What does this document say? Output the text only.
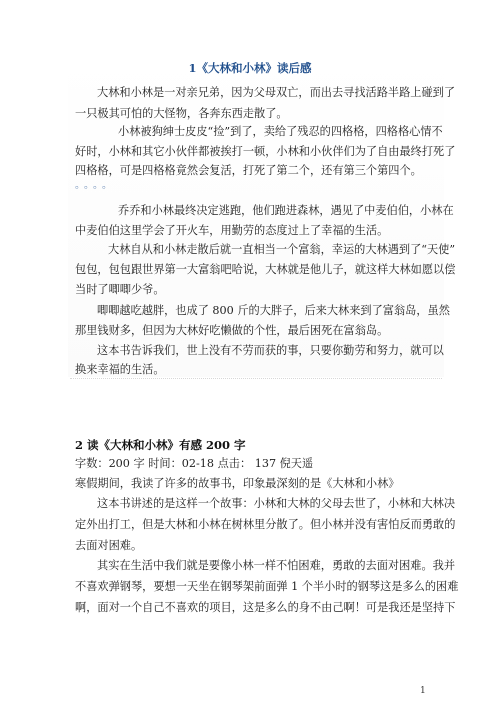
1《大林和小林》读后感
大林和小林是一对亲兄弟，因为父母双亡，而出去寻找活路半路上碰到了
一只极其可怕的大怪物，各奔东西走散了。
小林被狗绅士皮皮“捡”到了，卖给了残忍的四格格，四格格心情不
好时，小林和其它小伙伴都被挨打一顿，小林和小伙伴们为了自由最终打死了
四格格，可是四格格竟然会复活，打死了第二个，还有第三个第四个。
。。。。
乔乔和小林最终决定逃跑，他们跑进森林，遇见了中麦伯伯，小林在
中麦伯伯这里学会了开火车，用勤劳的态度过上了幸福的生活。
大林自从和小林走散后就一直相当一个富翁，幸运的大林遇到了“天使”
包包，包包跟世界第一大富翁吧哈说，大林就是他儿子，就这样大林如愿以偿
当时了唧唧少爷。
唧唧越吃越胖，也成了 800 斤的大胖子，后来大林来到了富翁岛，虽然
那里钱财多，但因为大林好吃懒做的个性，最后困死在富翁岛。
这本书告诉我们，世上没有不劳而获的事，只要你勤劳和努力，就可以
换来幸福的生活。
2 读《大林和小林》有感 200 字
字数：200 字 时间：02-18 点击： 137 倪天遥
寒假期间，我读了许多的故事书，印象最深刻的是《大林和小林》
这本书讲述的是这样一个故事：小林和大林的父母去世了，小林和大林决
定外出打工，但是大林和小林在树林里分散了。但小林并没有害怕反而勇敢的
去面对困难。
其实在生活中我们就是要像小林一样不怕困难，勇敢的去面对困难。我并
不喜欢弹钢琴，要想一天坐在钢琴架前面弹 1 个半小时的钢琴这是多么的困难
啊，面对一个自己不喜欢的项目，这是多么的身不由己啊！可是我还是坚持下
1
